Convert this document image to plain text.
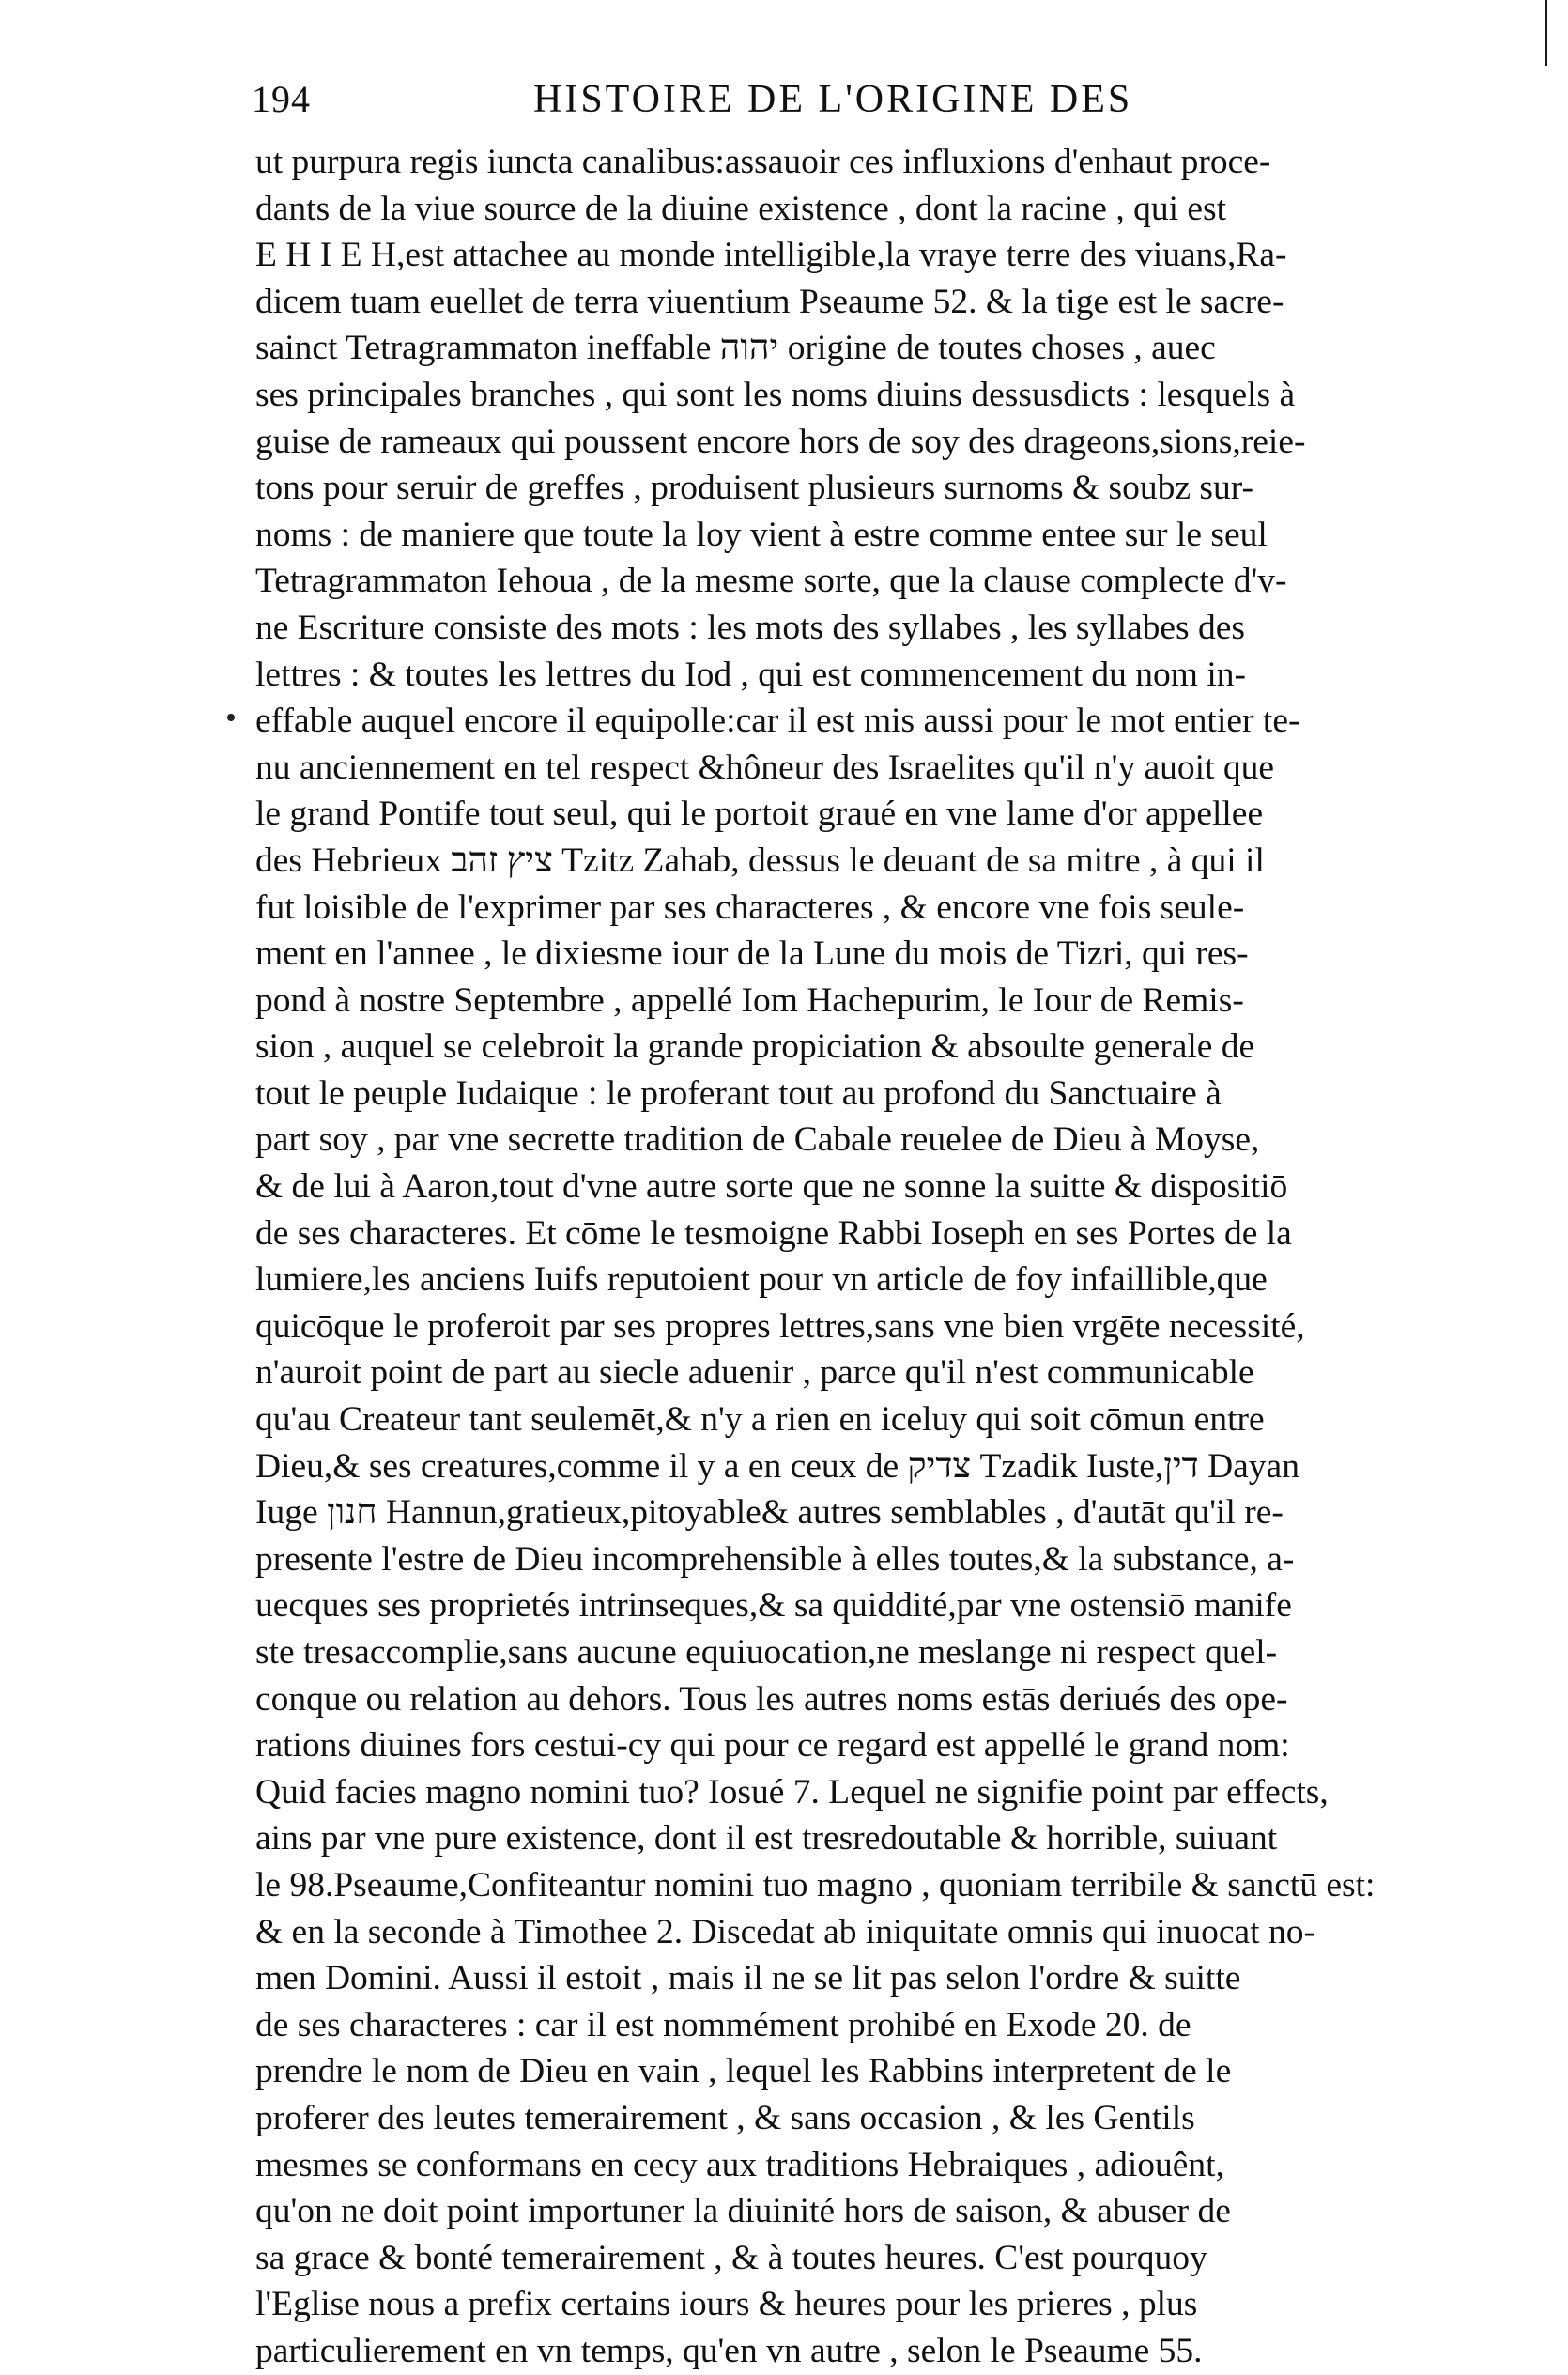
194	HISTOIRE DE L'ORIGINE DES
ut purpura regis iuncta canalibus:assauoir ces influxions d'enhaut proce-
dants de la viue source de la diuine existence , dont la racine , qui est
E H I E H,est attachee au monde intelligible,la vraye terre des viuans,Ra-
dicem tuam euellet de terra viuentium Pseaume 52. & la tige est le sacre-
sainct Tetragrammaton ineffable יהוה origine de toutes choses , auec
ses principales branches , qui sont les noms diuins dessusdicts : lesquels à
guise de rameaux qui poussent encore hors de soy des drageons,sions,reie-
tons pour seruir de greffes , produisent plusieurs surnoms & soubz sur-
noms : de maniere que toute la loy vient à estre comme entee sur le seul
Tetragrammaton Iehoua , de la mesme sorte, que la clause complecte d'v-
ne Escriture consiste des mots : les mots des syllabes , les syllabes des
lettres : & toutes les lettres du Iod , qui est commencement du nom in-
effable auquel encore il equipolle:car il est mis aussi pour le mot entier te-
nu anciennement en tel respect &hôneur des Israelites qu'il n'y auoit que
le grand Pontife tout seul, qui le portoit graué en vne lame d'or appellee
des Hebrieux ציץ זהב Tzitz Zahab, dessus le deuant de sa mitre , à qui il
fut loisible de l'exprimer par ses characteres , & encore vne fois seule-
ment en l'annee , le dixiesme iour de la Lune du mois de Tizri, qui res-
pond à nostre Septembre , appellé Iom Hachepurim, le Iour de Remis-
sion , auquel se celebroit la grande propiciation & absoulte generale de
tout le peuple Iudaique : le proferant tout au profond du Sanctuaire à
part soy , par vne secrette tradition de Cabale reuelee de Dieu à Moyse,
& de lui à Aaron,tout d'vne autre sorte que ne sonne la suitte & dispositiō
de ses characteres. Et cōme le tesmoigne Rabbi Ioseph en ses Portes de la
lumiere,les anciens Iuifs reputoient pour vn article de foy infaillible,que
quicōque le proferoit par ses propres lettres,sans vne bien vrgēte necessité,
n'auroit point de part au siecle aduenir , parce qu'il n'est communicable
qu'au Createur tant seulemēt,& n'y a rien en iceluy qui soit cōmun entre
Dieu,& ses creatures,comme il y a en ceux de צדיק Tzadik Iuste,דין Dayan
Iuge חנון Hannun,gratieux,pitoyable& autres semblables , d'autāt qu'il re-
presente l'estre de Dieu incomprehensible à elles toutes,& la substance, a-
uecques ses proprietés intrinseques,& sa quiddité,par vne ostensiō manife
ste tresaccomplie,sans aucune equiuocation,ne meslange ni respect quel-
conque ou relation au dehors. Tous les autres noms estās deriués des ope-
rations diuines fors cestui-cy qui pour ce regard est appellé le grand nom:
Quid facies magno nomini tuo? Iosué 7. Lequel ne signifie point par effects,
ains par vne pure existence, dont il est tresredoutable & horrible, suiuant
le 98.Pseaume,Confiteantur nomini tuo magno , quoniam terribile & sanctū est:
& en la seconde à Timothee 2. Discedat ab iniquitate omnis qui inuocat no-
men Domini. Aussi il estoit , mais il ne se lit pas selon l'ordre & suitte
de ses characteres : car il est nommément prohibé en Exode 20. de
prendre le nom de Dieu en vain , lequel les Rabbins interpretent de le
proferer des leutes temerairement , & sans occasion , & les Gentils
mesmes se conformans en cecy aux traditions Hebraiques , adiouênt,
qu'on ne doit point importuner la diuinité hors de saison, & abuser de
sa grace & bonté temerairement , & à toutes heures. C'est pourquoy
l'Eglise nous a prefix certains iours & heures pour les prieres , plus
particulierement en vn temps, qu'en vn autre , selon le Pseaume 55.
